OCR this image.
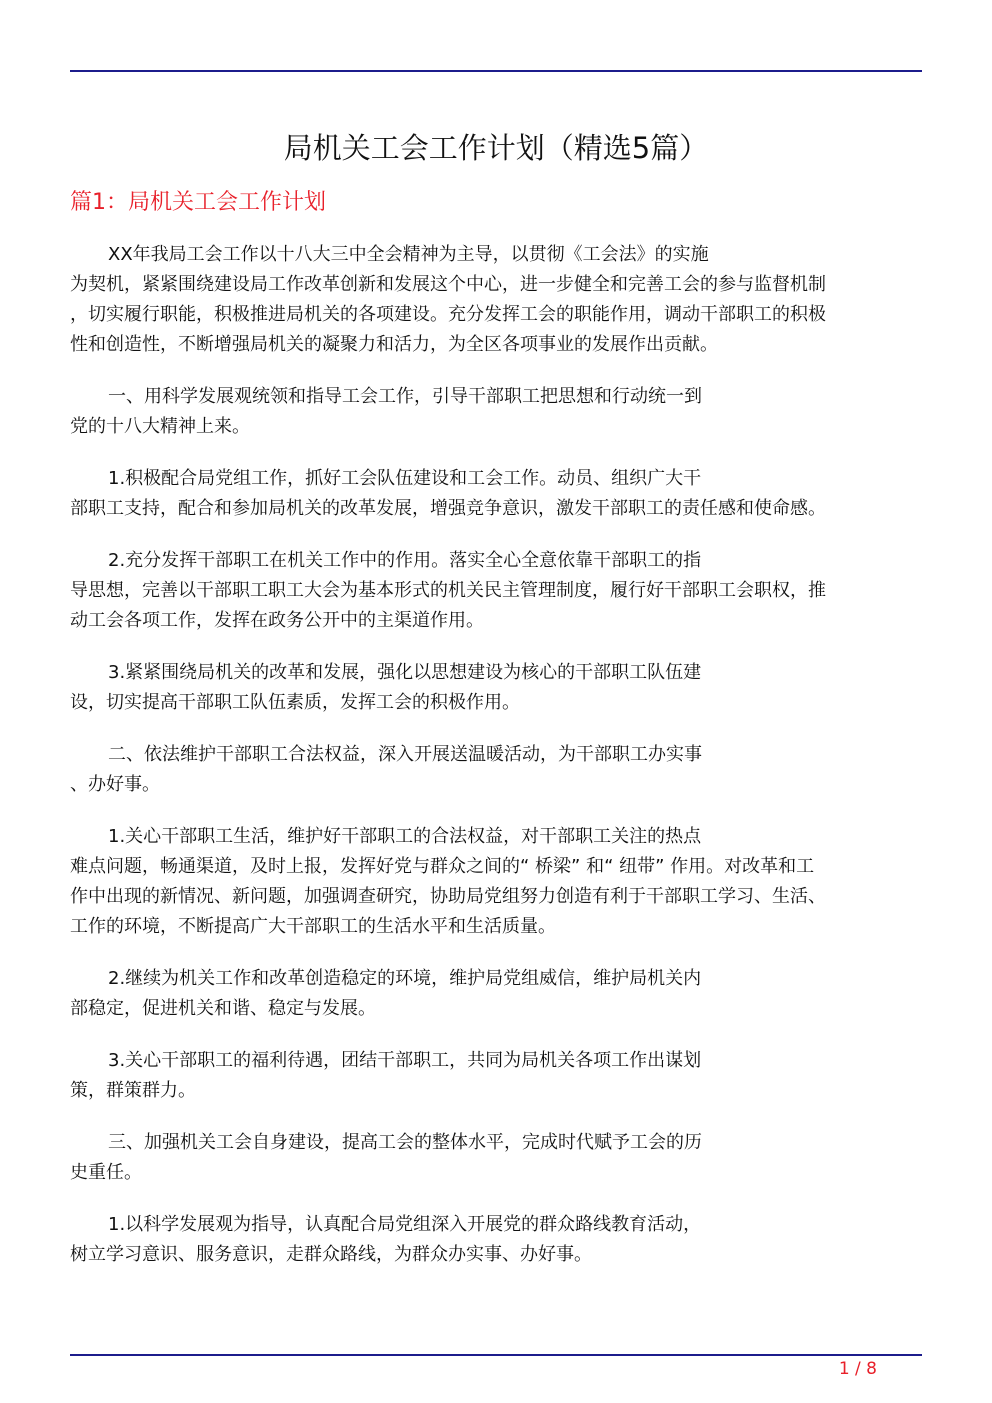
局机关工会工作计划（精选5篇）
篇1：局机关工会工作计划

XX年我局工会工作以十八大三中全会精神为主导，以贯彻《工会法》的实施
为契机，紧紧围绕建设局工作改革创新和发展这个中心，进一步健全和完善工会的参与监督机制
，切实履行职能，积极推进局机关的各项建设。充分发挥工会的职能作用，调动干部职工的积极
性和创造性，不断增强局机关的凝聚力和活力，为全区各项事业的发展作出贡献。

一、用科学发展观统领和指导工会工作，引导干部职工把思想和行动统一到
党的十八大精神上来。

1.积极配合局党组工作，抓好工会队伍建设和工会工作。动员、组织广大干
部职工支持，配合和参加局机关的改革发展，增强竞争意识，激发干部职工的责任感和使命感。

2.充分发挥干部职工在机关工作中的作用。落实全心全意依靠干部职工的指
导思想，完善以干部职工职工大会为基本形式的机关民主管理制度，履行好干部职工会职权，推
动工会各项工作，发挥在政务公开中的主渠道作用。

3.紧紧围绕局机关的改革和发展，强化以思想建设为核心的干部职工队伍建
设，切实提高干部职工队伍素质，发挥工会的积极作用。

二、依法维护干部职工合法权益，深入开展送温暖活动，为干部职工办实事
、办好事。

1.关心干部职工生活，维护好干部职工的合法权益，对干部职工关注的热点
难点问题，畅通渠道，及时上报，发挥好党与群众之间的“ 桥梁” 和“ 纽带” 作用。对改革和工
作中出现的新情况、新问题，加强调查研究，协助局党组努力创造有利于干部职工学习、生活、
工作的环境，不断提高广大干部职工的生活水平和生活质量。

2.继续为机关工作和改革创造稳定的环境，维护局党组威信，维护局机关内
部稳定，促进机关和谐、稳定与发展。

3.关心干部职工的福利待遇，团结干部职工，共同为局机关各项工作出谋划
策，群策群力。

三、加强机关工会自身建设，提高工会的整体水平，完成时代赋予工会的历
史重任。

1.以科学发展观为指导，认真配合局党组深入开展党的群众路线教育活动，
树立学习意识、服务意识，走群众路线，为群众办实事、办好事。

1 / 8
